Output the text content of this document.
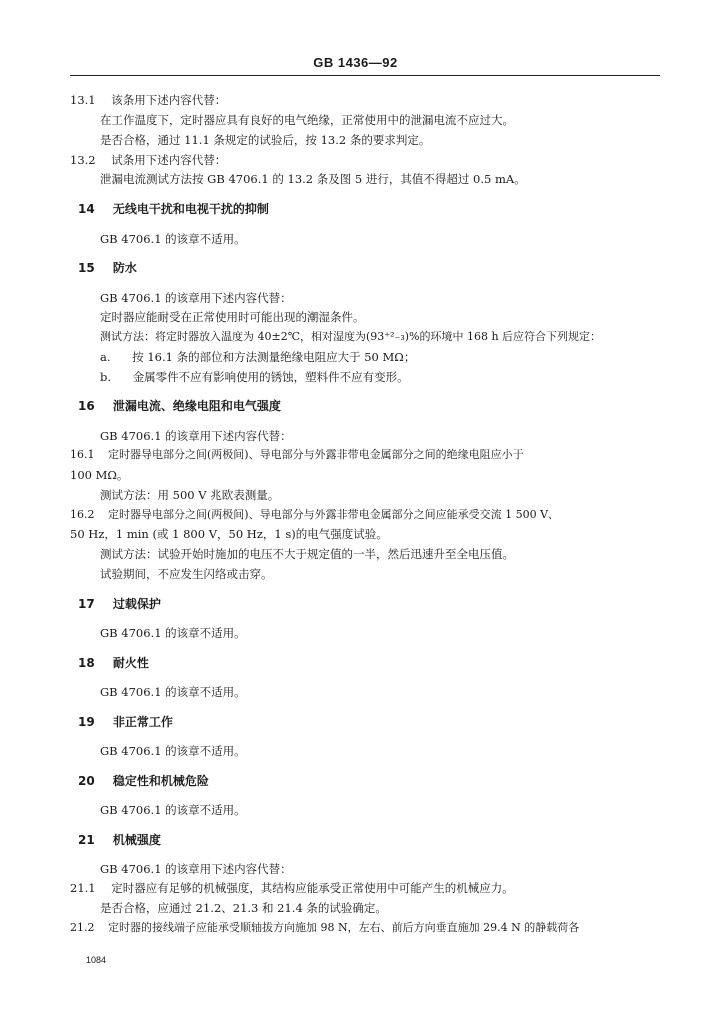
GB 1436—92
13.1 该条用下述内容代替：
在工作温度下，定时器应具有良好的电气绝缘，正常使用中的泄漏电流不应过大。
是否合格，通过 11.1 条规定的试验后，按 13.2 条的要求判定。
13.2 试条用下述内容代替：
泄漏电流测试方法按 GB 4706.1 的 13.2 条及图 5 进行，其值不得超过 0.5 mA。
14 无线电干扰和电视干扰的抑制
GB 4706.1 的该章不适用。
15 防水
GB 4706.1 的该章用下述内容代替：
定时器应能耐受在正常使用时可能出现的潮湿条件。
测试方法：将定时器放入温度为 40±2℃，相对湿度为(93⁺²₋₃)%的环境中 168 h 后应符合下列规定：
a. 按 16.1 条的部位和方法测量绝缘电阻应大于 50 MΩ；
b. 金属零件不应有影响使用的锈蚀，塑料件不应有变形。
16 泄漏电流、绝缘电阻和电气强度
GB 4706.1 的该章用下述内容代替：
16.1 定时器导电部分之间(两极间)、导电部分与外露非带电金属部分之间的绝缘电阻应小于
100 MΩ。
测试方法：用 500 V 兆欧表测量。
16.2 定时器导电部分之间(两极间)、导电部分与外露非带电金属部分之间应能承受交流 1 500 V、
50 Hz，1 min (或 1 800 V，50 Hz，1 s)的电气强度试验。
测试方法：试验开始时施加的电压不大于规定值的一半，然后迅速升至全电压值。
试验期间，不应发生闪络或击穿。
17 过载保护
GB 4706.1 的该章不适用。
18 耐火性
GB 4706.1 的该章不适用。
19 非正常工作
GB 4706.1 的该章不适用。
20 稳定性和机械危险
GB 4706.1 的该章不适用。
21 机械强度
GB 4706.1 的该章用下述内容代替：
21.1 定时器应有足够的机械强度，其结构应能承受正常使用中可能产生的机械应力。
是否合格，应通过 21.2、21.3 和 21.4 条的试验确定。
21.2 定时器的接线端子应能承受顺轴拔方向施加 98 N，左右、前后方向垂直施加 29.4 N 的静载荷各
1084
